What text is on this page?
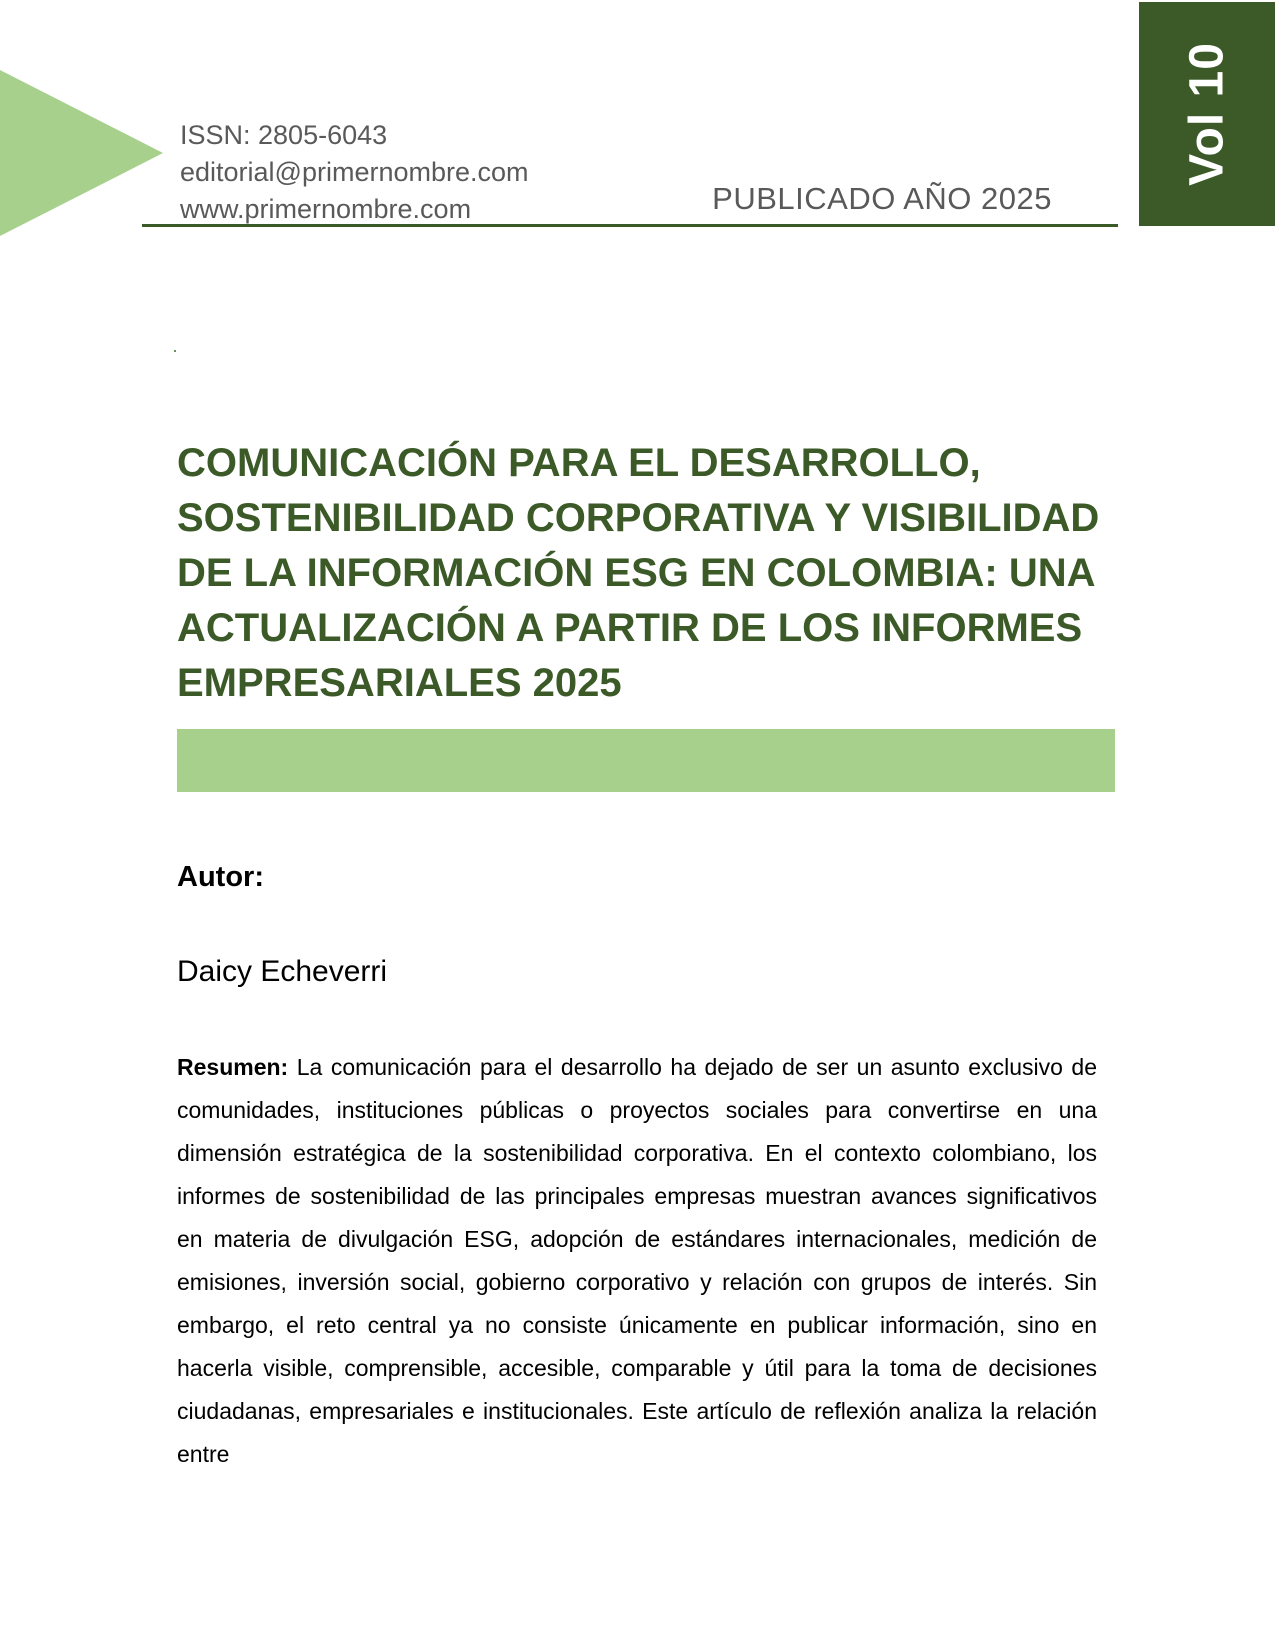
ISSN: 2805-6043
editorial@primernombre.com
www.primernombre.com	PUBLICADO AÑO 2025
Vol 10
COMUNICACIÓN PARA EL DESARROLLO, SOSTENIBILIDAD CORPORATIVA Y VISIBILIDAD DE LA INFORMACIÓN ESG EN COLOMBIA: UNA ACTUALIZACIÓN A PARTIR DE LOS INFORMES EMPRESARIALES 2025
Autor:
Daicy Echeverri

Resumen: La comunicación para el desarrollo ha dejado de ser un asunto exclusivo de comunidades, instituciones públicas o proyectos sociales para convertirse en una dimensión estratégica de la sostenibilidad corporativa. En el contexto colombiano, los informes de sostenibilidad de las principales empresas muestran avances significativos en materia de divulgación ESG, adopción de estándares internacionales, medición de emisiones, inversión social, gobierno corporativo y relación con grupos de interés. Sin embargo, el reto central ya no consiste únicamente en publicar información, sino en hacerla visible, comprensible, accesible, comparable y útil para la toma de decisiones ciudadanas, empresariales e institucionales. Este artículo de reflexión analiza la relación entre
